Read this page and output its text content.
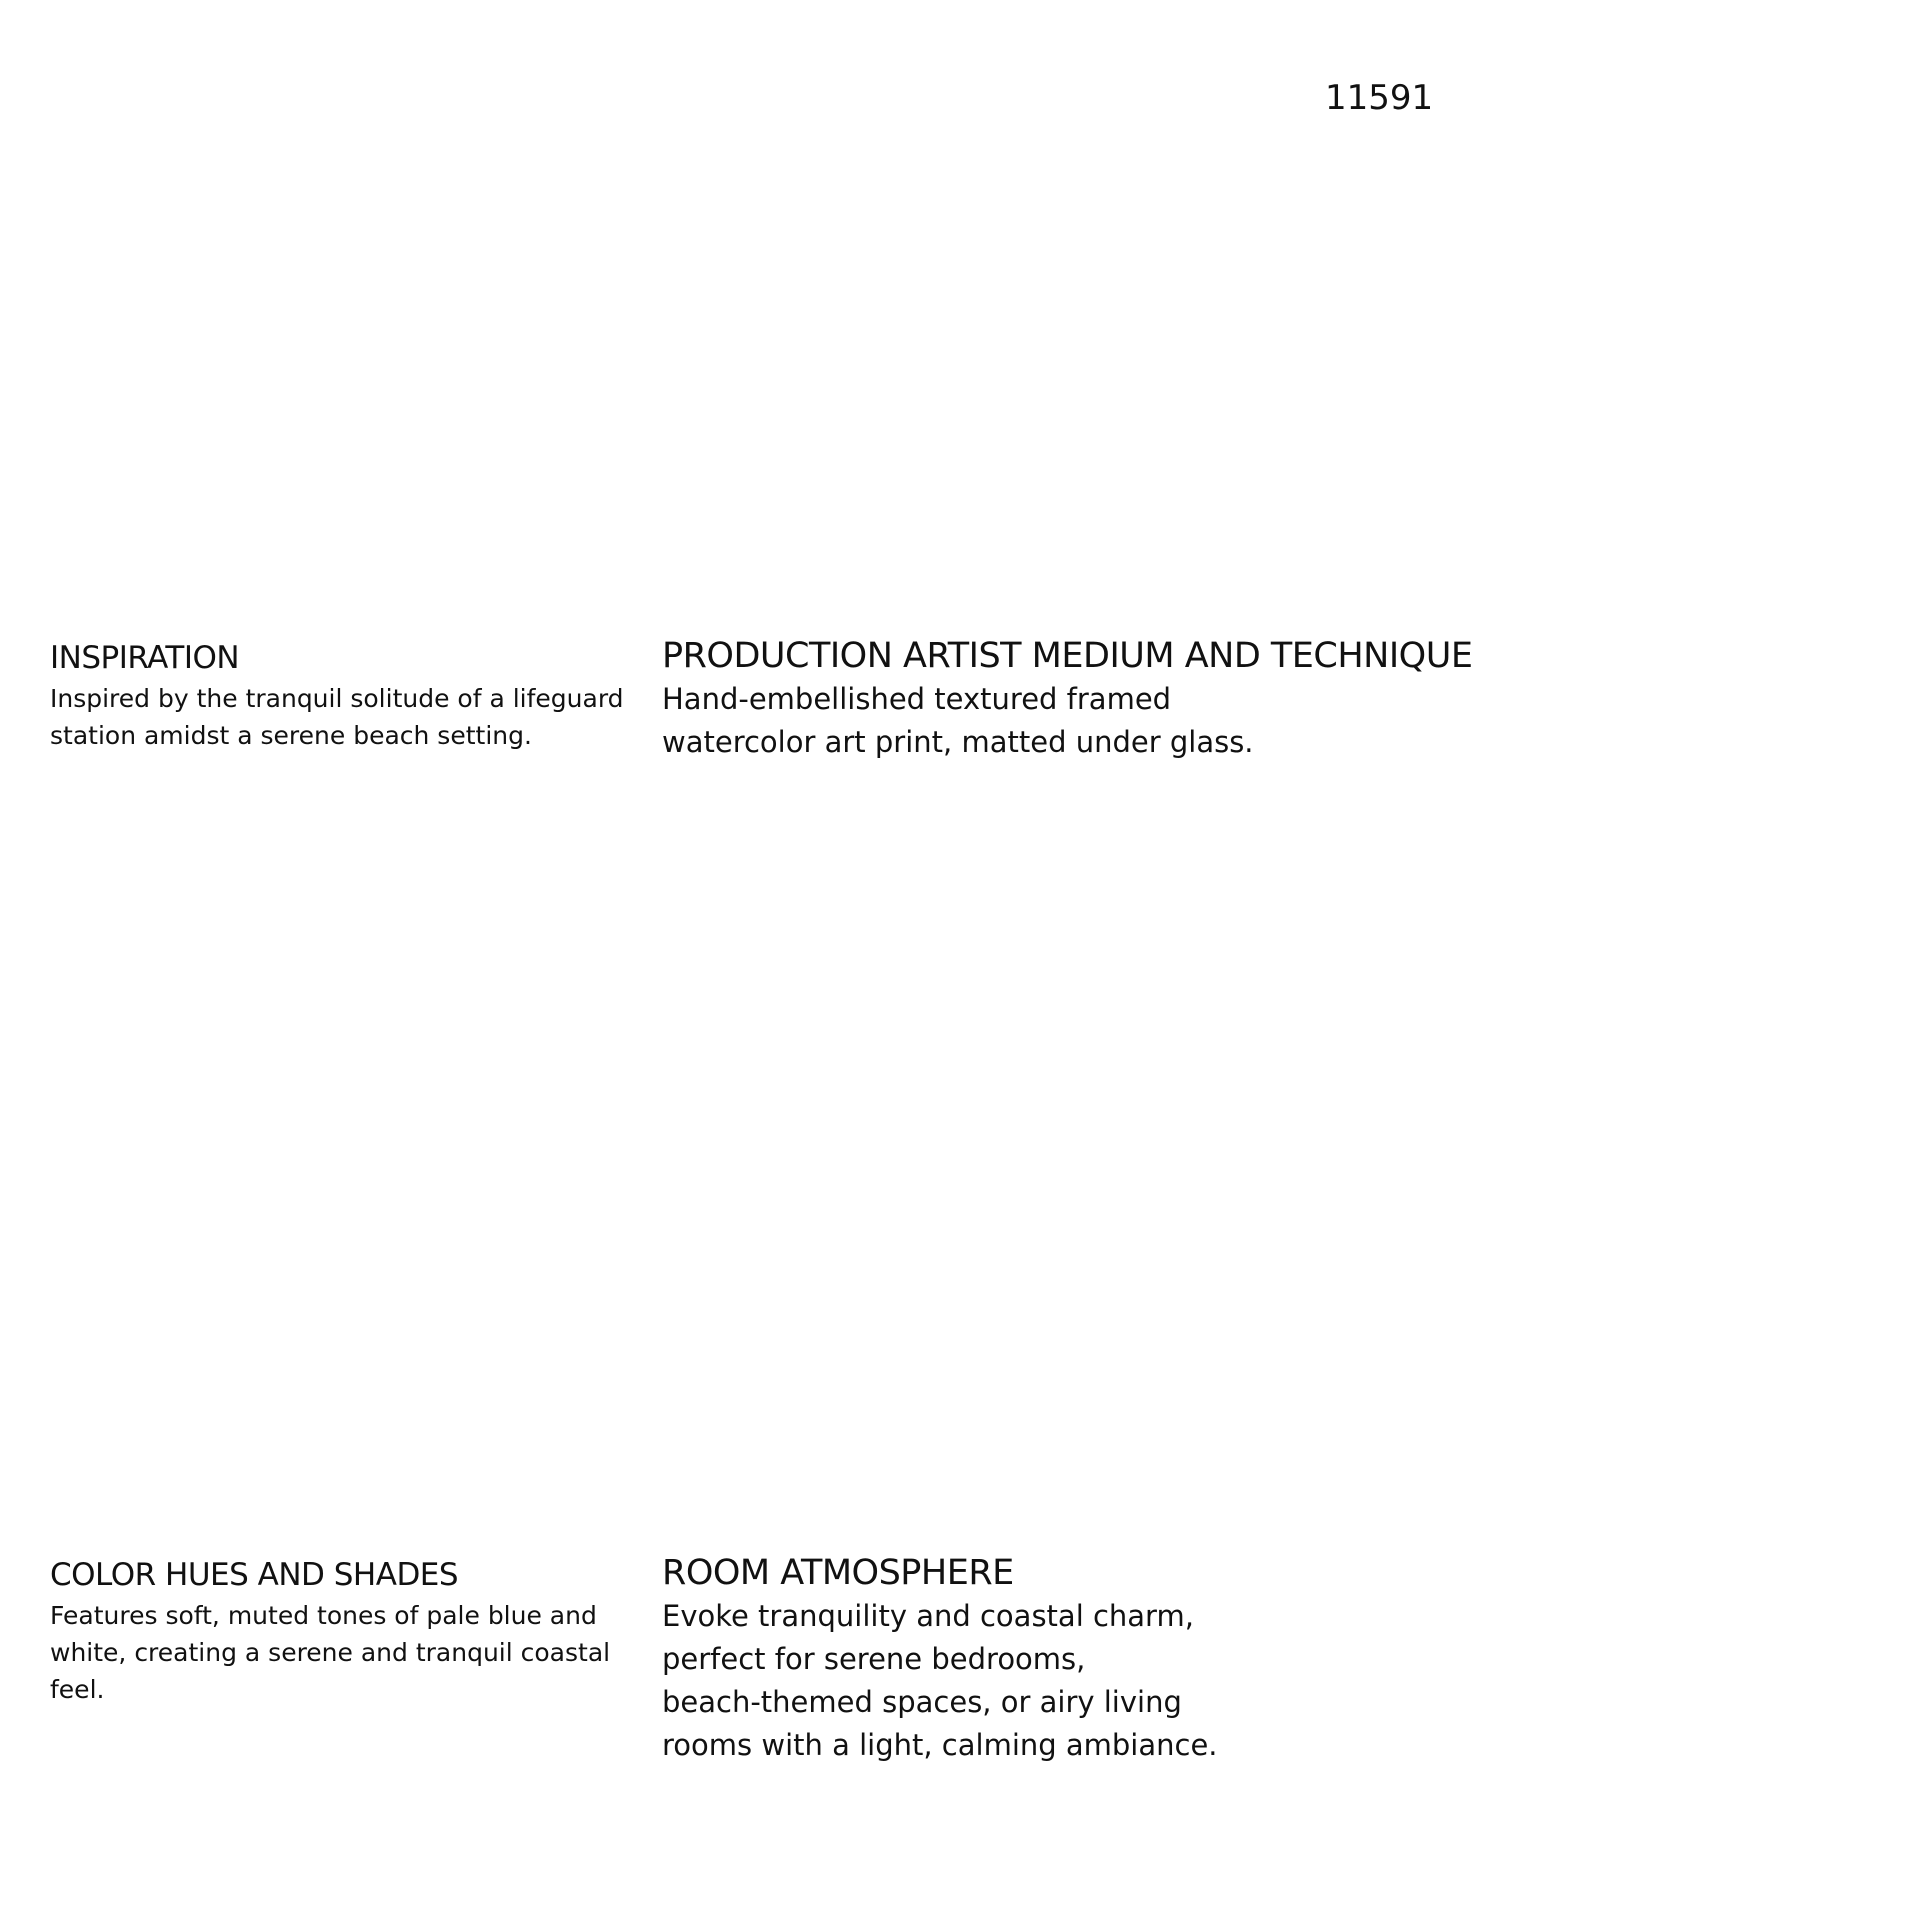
11591
INSPIRATION

Inspired by the tranquil solitude of a lifeguard
station amidst a serene beach setting.

PRODUCTION ARTIST MEDIUM AND TECHNIQUE

Hand-embellished textured framed
watercolor art print, matted under glass.

COLOR HUES AND SHADES

Features soft, muted tones of pale blue and
white, creating a serene and tranquil coastal
feel.

ROOM ATMOSPHERE

Evoke tranquility and coastal charm,
perfect for serene bedrooms,
beach-themed spaces, or airy living
rooms with a light, calming ambiance.
